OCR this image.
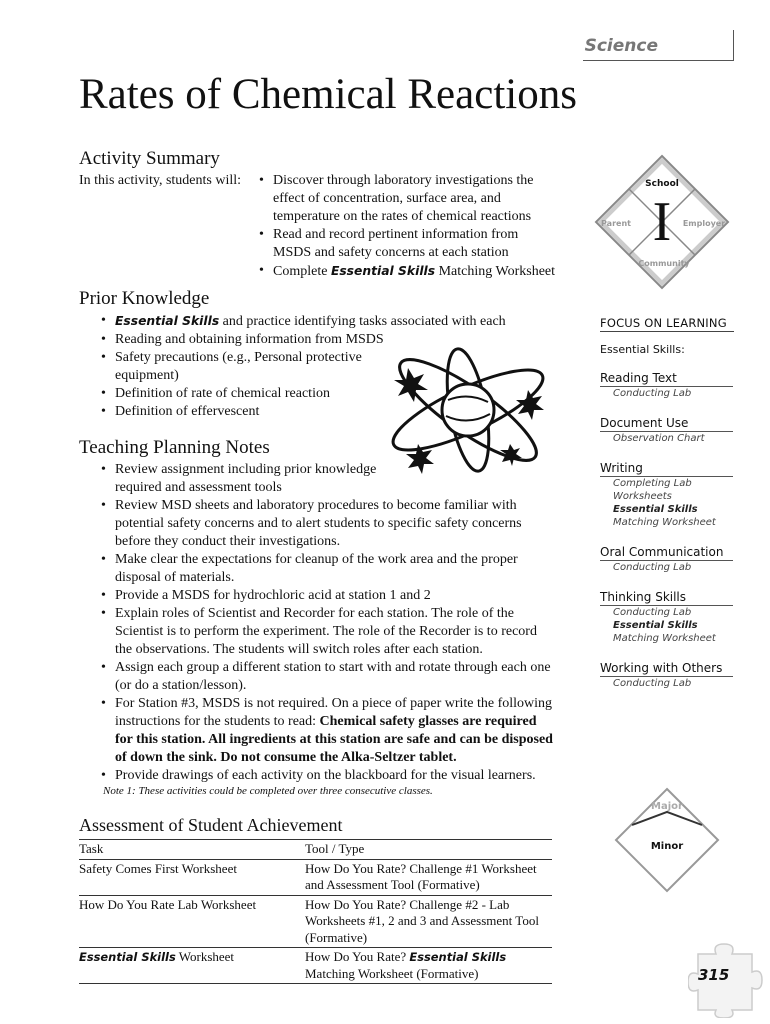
Science
Rates of Chemical Reactions
Activity Summary
In this activity, students will:	• Discover through laboratory investigations the effect of concentration, surface area, and temperature on the rates of chemical reactions
• Read and record pertinent information from MSDS and safety concerns at each station
• Complete Essential Skills Matching Worksheet
School
Parent	Employer
Community
I
Prior Knowledge
• Essential Skills and practice identifying tasks associated with each
• Reading and obtaining information from MSDS
• Safety precautions (e.g., Personal protective equipment)
• Definition of rate of chemical reaction
• Definition of effervescent
Teaching Planning Notes
• Review assignment including prior knowledge required and assessment tools
• Review MSD sheets and laboratory procedures to become familiar with potential safety concerns and to alert students to specific safety concerns before they conduct their investigations.
• Make clear the expectations for cleanup of the work area and the proper disposal of materials.
• Provide a MSDS for hydrochloric acid at station 1 and 2
• Explain roles of Scientist and Recorder for each station. The role of the Scientist is to perform the experiment. The role of the Recorder is to record the observations. The students will switch roles after each station.
• Assign each group a different station to start with and rotate through each one (or do a station/lesson).
• For Station #3, MSDS is not required. On a piece of paper write the following instructions for the students to read: Chemical safety glasses are required for this station. All ingredients at this station are safe and can be disposed of down the sink. Do not consume the Alka-Seltzer tablet.
• Provide drawings of each activity on the blackboard for the visual learners.
Note 1: These activities could be completed over three consecutive classes.
Assessment of Student Achievement
Task	Tool / Type
Safety Comes First Worksheet	How Do You Rate? Challenge #1 Worksheet and Assessment Tool (Formative)
How Do You Rate Lab Worksheet	How Do You Rate? Challenge #2 - Lab Worksheets #1, 2 and 3 and Assessment Tool (Formative)
Essential Skills Worksheet	How Do You Rate? Essential Skills Matching Worksheet (Formative)
FOCUS ON LEARNING
Essential Skills:
Reading Text
Conducting Lab
Document Use
Observation Chart
Writing
Completing Lab Worksheets
Essential Skills Matching Worksheet
Oral Communication
Conducting Lab
Thinking Skills
Conducting Lab
Essential Skills Matching Worksheet
Working with Others
Conducting Lab
Major
Minor
315
